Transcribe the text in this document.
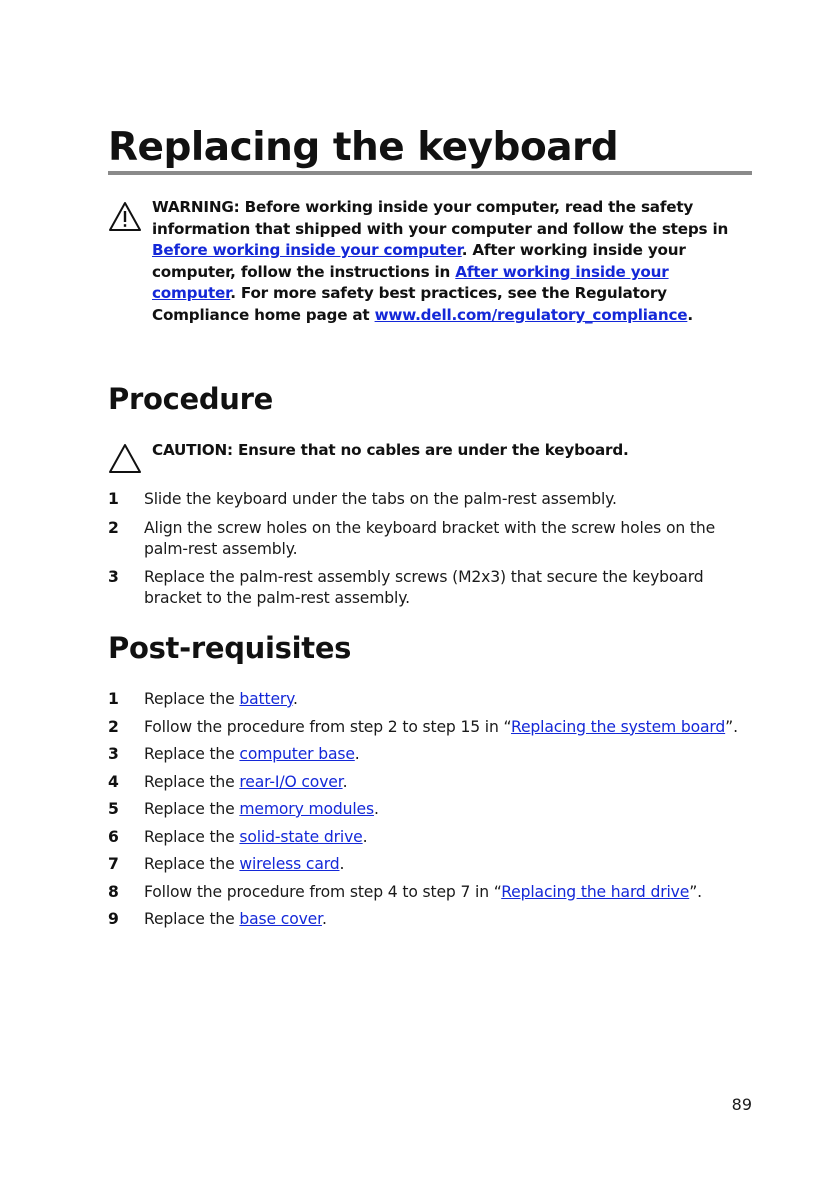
Replacing the keyboard
WARNING: Before working inside your computer, read the safety information that shipped with your computer and follow the steps in Before working inside your computer. After working inside your computer, follow the instructions in After working inside your computer. For more safety best practices, see the Regulatory Compliance home page at www.dell.com/regulatory_compliance.
Procedure
CAUTION: Ensure that no cables are under the keyboard.
1 Slide the keyboard under the tabs on the palm-rest assembly.
2 Align the screw holes on the keyboard bracket with the screw holes on the palm-rest assembly.
3 Replace the palm-rest assembly screws (M2x3) that secure the keyboard bracket to the palm-rest assembly.
Post-requisites
1 Replace the battery.
2 Follow the procedure from step 2 to step 15 in “Replacing the system board”.
3 Replace the computer base.
4 Replace the rear-I/O cover.
5 Replace the memory modules.
6 Replace the solid-state drive.
7 Replace the wireless card.
8 Follow the procedure from step 4 to step 7 in “Replacing the hard drive”.
9 Replace the base cover.
89
